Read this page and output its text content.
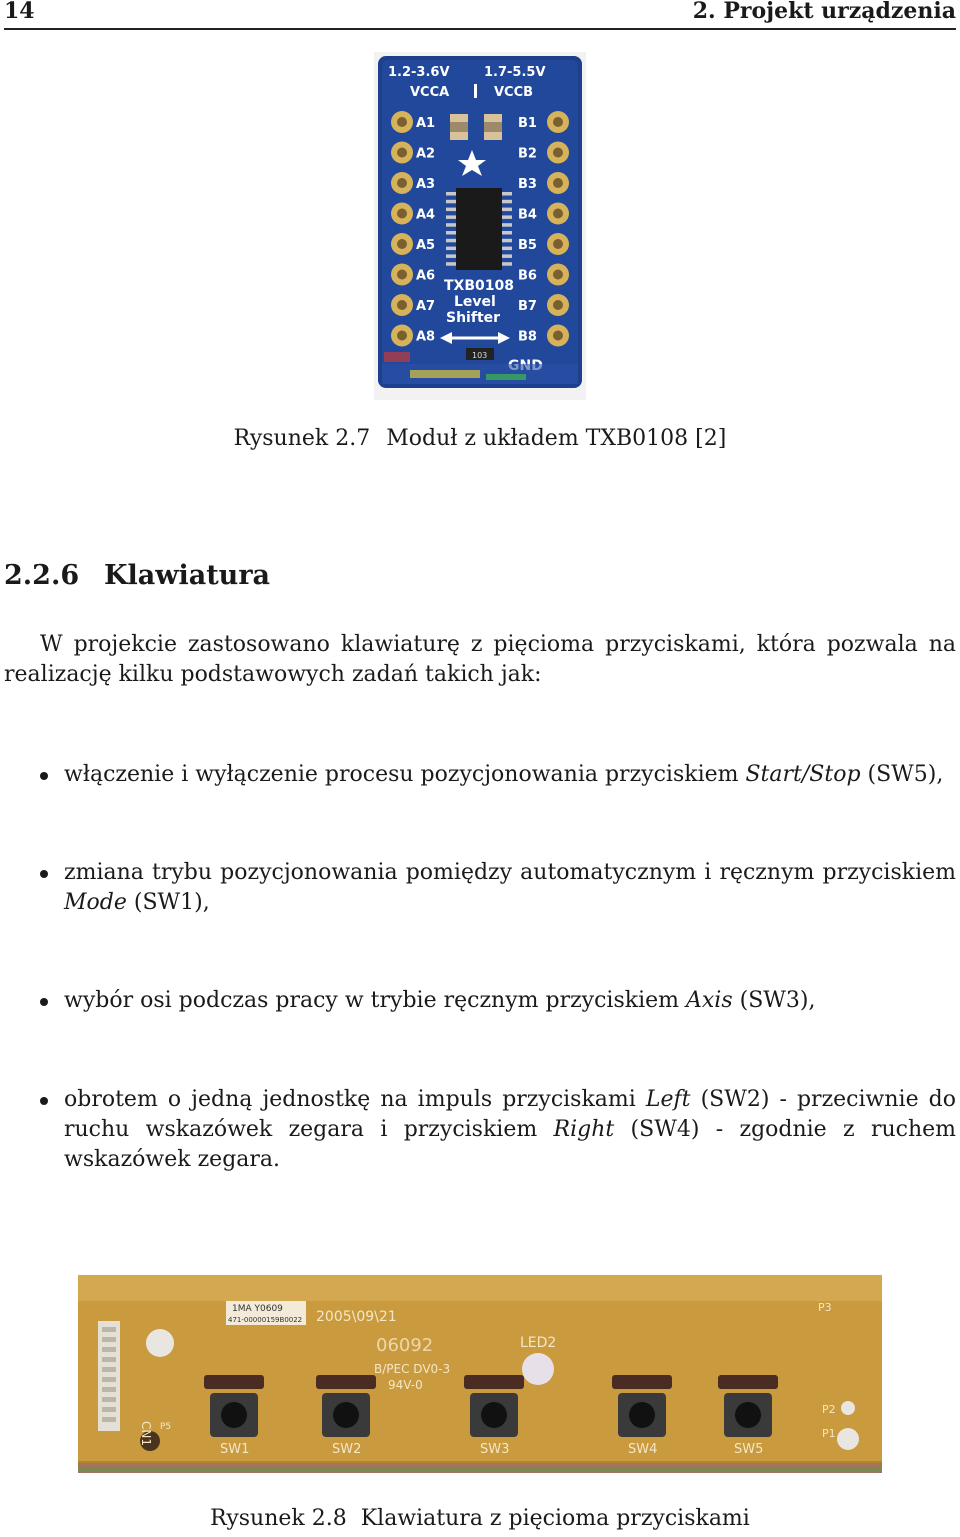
14	2. Projekt urządzenia
A1
A2
A3
A4
A5
A6
A7
A8
B1
B2
B3
B4
B5
B6
B7
B8
1.2-3.6V	1.7-5.5V
VCCA	VCCB
TXB0108
Level
Shifter
103
Rysunek 2.7 Moduł z układem TXB0108 [2]
2.2.6 Klawiatura
W projekcie zastosowano klawiaturę z pięcioma przyciskami, która pozwala na realizację kilku podstawowych zadań takich jak:
włączenie i wyłączenie procesu pozycjonowania przyciskiem Start/Stop (SW5),
zmiana trybu pozycjonowania pomiędzy automatycznym i ręcznym przyciskiem Mode (SW1),
wybór osi podczas pracy w trybie ręcznym przyciskiem Axis (SW3),
obrotem o jedną jednostkę na impuls przyciskami Left (SW2) - przeciwnie do ruchu wskazówek zegara i przyciskiem Right (SW4) - zgodnie z ruchem wskazówek zegara.
1MA Y0609
471-00000159B0022 2005\09\21
06092
B/PEC DV0-3
94V-0
LED2
CN1
P3
P2
P1
P5
SW1	SW2	SW3	SW4	SW5
Rysunek 2.8 Klawiatura z pięcioma przyciskami
